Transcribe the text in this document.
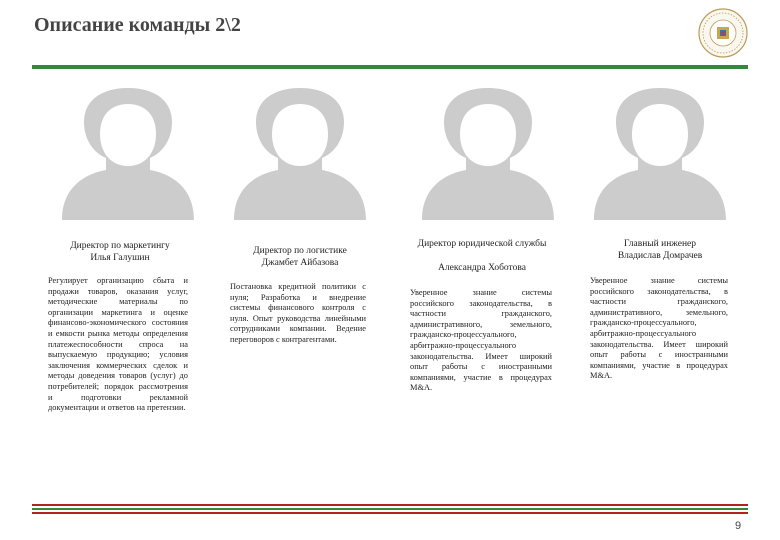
Описание команды 2\2
Директор по маркетингу
Илья Галушин
Регулирует организацию сбыта и продажи товаров, оказания услуг, методические материалы по организации маркетинга и оценке финансово-экономического состояния и емкости рынка методы определения платежеспособности спроса на выпускаемую продукцию; условия заключения коммерческих сделок и методы доведения товаров (услуг) до потребителей; порядок рассмотрения и подготовки рекламной документации и ответов на претензии.
Директор по логистике
Джамбет Айбазова
Постановка кредитной политики с нуля; Разработка и внедрение системы финансового контроля с нуля. Опыт руководства линейными сотрудниками компании. Ведение переговоров с контрагентами.
Директор юридической службы
Александра Хоботова
Уверенное знание системы российского законодательства, в частности гражданского, административного, земельного, гражданско-процессуального, арбитражно-процессуального законодательства. Имеет широкий опыт работы с иностранными компаниями, участие в процедурах M&A.
Главный инженер
Владислав Домрачев
Уверенное знание системы российского законодательства, в частности гражданского, административного, земельного, гражданско-процессуального, арбитражно-процессуального законодательства. Имеет широкий опыт работы с иностранными компаниями, участие в процедурах M&A.
9
